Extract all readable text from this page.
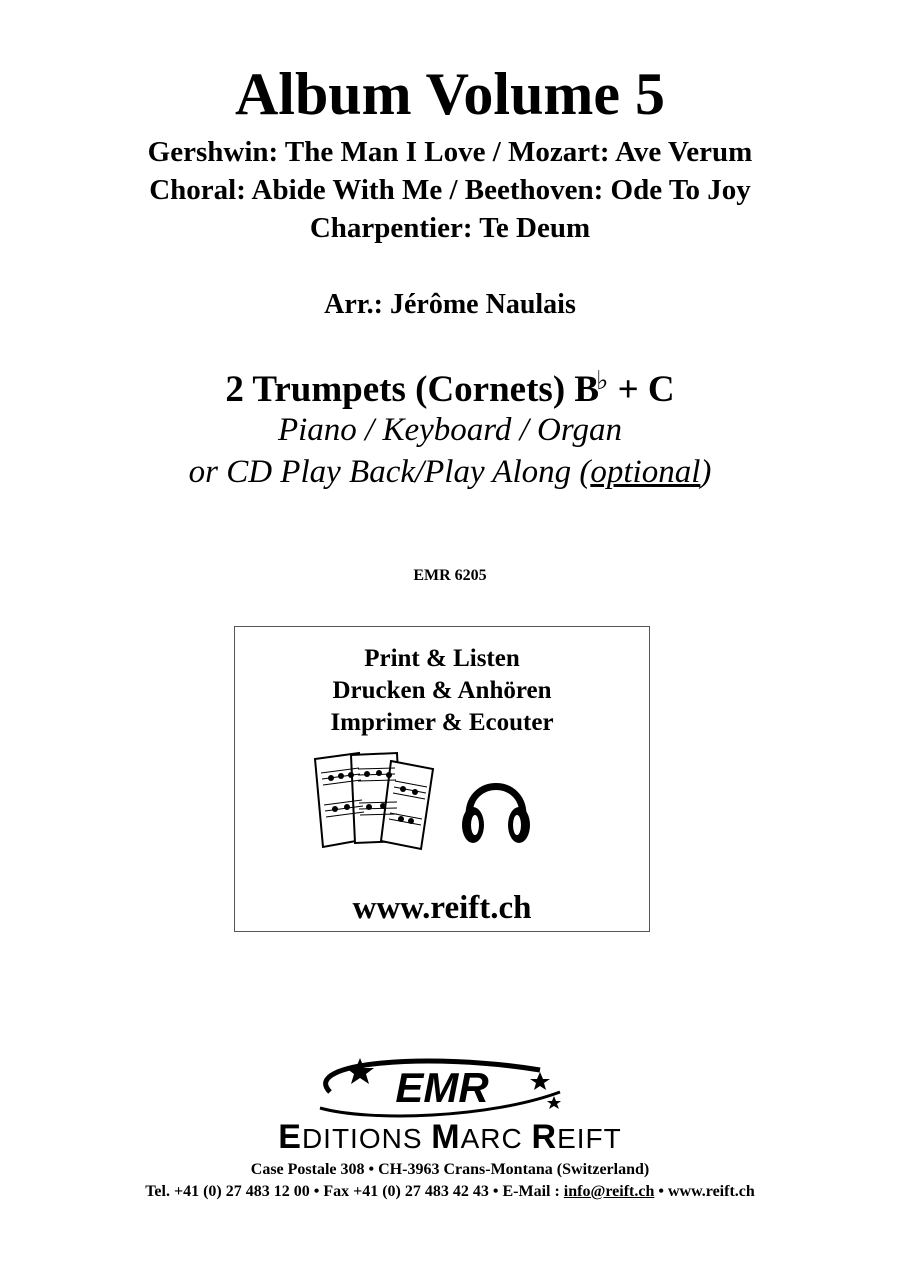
Album Volume 5
Gershwin: The Man I Love / Mozart: Ave Verum
Choral: Abide With Me / Beethoven: Ode To Joy
Charpentier: Te Deum
Arr.: Jérôme Naulais
2 Trumpets (Cornets) B♭ + C
Piano / Keyboard / Organ
or CD Play Back/Play Along (optional)
EMR 6205
Print & Listen
Drucken & Anhören
Imprimer & Ecouter
www.reift.ch
EMR
EDITIONS MARC REIFT
Case Postale 308 • CH-3963 Crans-Montana (Switzerland)
Tel. +41 (0) 27 483 12 00 • Fax +41 (0) 27 483 42 43 • E-Mail : info@reift.ch • www.reift.ch
